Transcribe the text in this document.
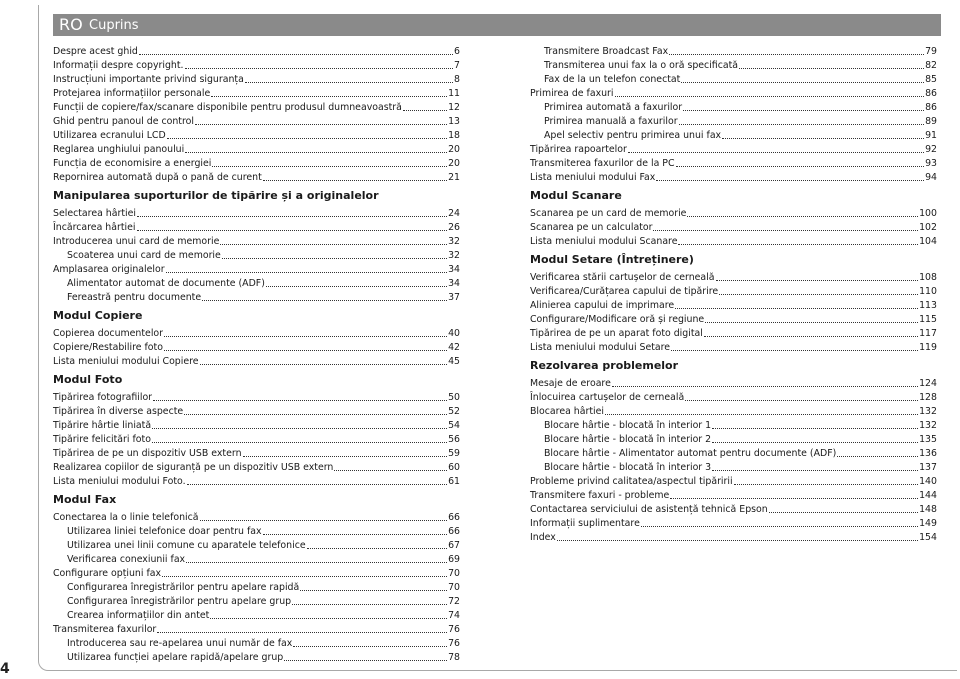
RO Cuprins
4
Despre acest ghid	6
Informații despre copyright.	7
Instrucțiuni importante privind siguranța	8
Protejarea informațiilor personale	11
Funcții de copiere/fax/scanare disponibile pentru produsul dumneavoastră	12
Ghid pentru panoul de control	13
Utilizarea ecranului LCD	18
Reglarea unghiului panoului	20
Funcția de economisire a energiei	20
Repornirea automată după o pană de curent	21
Manipularea suporturilor de tipărire și a originalelor
Selectarea hârtiei	24
Încărcarea hârtiei	26
Introducerea unui card de memorie	32
Scoaterea unui card de memorie	32
Amplasarea originalelor	34
Alimentator automat de documente (ADF)	34
Fereastră pentru documente	37
Modul Copiere
Copierea documentelor	40
Copiere/Restabilire foto	42
Lista meniului modului Copiere	45
Modul Foto
Tipărirea fotografiilor	50
Tipărirea în diverse aspecte	52
Tipărire hârtie liniată	54
Tipărire felicitări foto	56
Tipărirea de pe un dispozitiv USB extern	59
Realizarea copiilor de siguranță pe un dispozitiv USB extern	60
Lista meniului modului Foto.	61
Modul Fax
Conectarea la o linie telefonică	66
Utilizarea liniei telefonice doar pentru fax	66
Utilizarea unei linii comune cu aparatele telefonice	67
Verificarea conexiunii fax	69
Configurare opțiuni fax	70
Configurarea înregistrărilor pentru apelare rapidă	70
Configurarea înregistrărilor pentru apelare grup	72
Crearea informațiilor din antet	74
Transmiterea faxurilor	76
Introducerea sau re-apelarea unui număr de fax	76
Utilizarea funcției apelare rapidă/apelare grup	78
Transmitere Broadcast Fax	79
Transmiterea unui fax la o oră specificată	82
Fax de la un telefon conectat	85
Primirea de faxuri	86
Primirea automată a faxurilor	86
Primirea manuală a faxurilor	89
Apel selectiv pentru primirea unui fax	91
Tipărirea rapoartelor	92
Transmiterea faxurilor de la PC	93
Lista meniului modului Fax	94
Modul Scanare
Scanarea pe un card de memorie	100
Scanarea pe un calculator	102
Lista meniului modului Scanare	104
Modul Setare (Întreținere)
Verificarea stării cartușelor de cerneală	108
Verificarea/Curățarea capului de tipărire	110
Alinierea capului de imprimare	113
Configurare/Modificare oră și regiune	115
Tipărirea de pe un aparat foto digital	117
Lista meniului modului Setare	119
Rezolvarea problemelor
Mesaje de eroare	124
Înlocuirea cartușelor de cerneală	128
Blocarea hârtiei	132
Blocare hârtie - blocată în interior 1	132
Blocare hârtie - blocată în interior 2	135
Blocare hârtie - Alimentator automat pentru documente (ADF)	136
Blocare hârtie - blocată în interior 3	137
Probleme privind calitatea/aspectul tipăririi	140
Transmitere faxuri - probleme	144
Contactarea serviciului de asistență tehnică Epson	148
Informații suplimentare	149
Index	154
